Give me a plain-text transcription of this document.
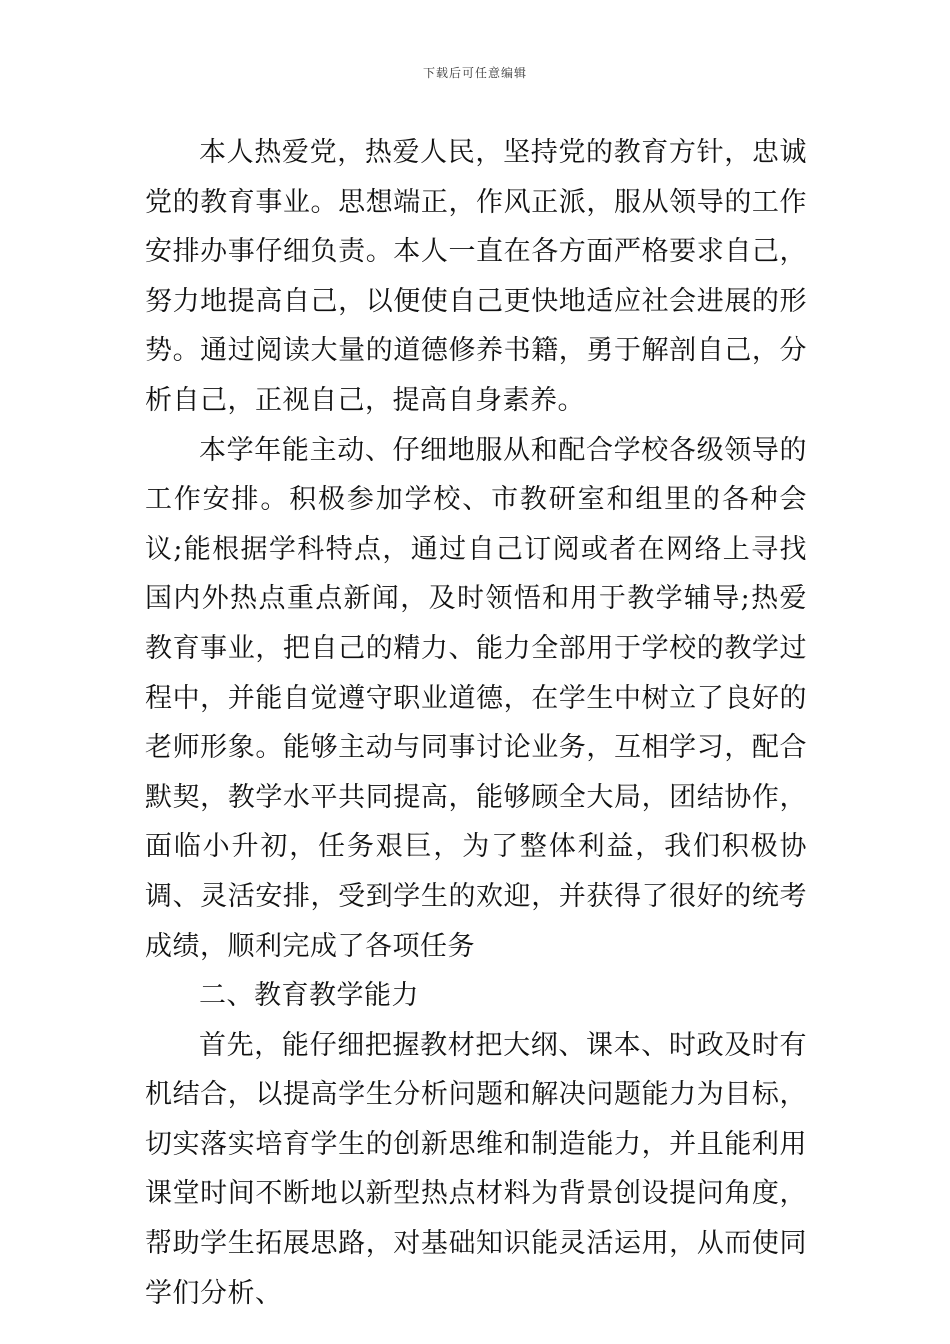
下载后可任意编辑

本人热爱党，热爱人民，坚持党的教育方针，忠诚党的教育事业。思想端正，作风正派，服从领导的工作安排办事仔细负责。本人一直在各方面严格要求自己，努力地提高自己，以便使自己更快地适应社会进展的形势。通过阅读大量的道德修养书籍，勇于解剖自己，分析自己，正视自己，提高自身素养。

本学年能主动、仔细地服从和配合学校各级领导的工作安排。积极参加学校、市教研室和组里的各种会议;能根据学科特点，通过自己订阅或者在网络上寻找国内外热点重点新闻，及时领悟和用于教学辅导;热爱教育事业，把自己的精力、能力全部用于学校的教学过程中，并能自觉遵守职业道德，在学生中树立了良好的老师形象。能够主动与同事讨论业务，互相学习，配合默契，教学水平共同提高，能够顾全大局，团结协作，面临小升初，任务艰巨，为了整体利益，我们积极协调、灵活安排，受到学生的欢迎，并获得了很好的统考成绩，顺利完成了各项任务

二、教育教学能力

首先，能仔细把握教材把大纲、课本、时政及时有机结合，以提高学生分析问题和解决问题能力为目标，切实落实培育学生的创新思维和制造能力，并且能利用课堂时间不断地以新型热点材料为背景创设提问角度，帮助学生拓展思路，对基础知识能灵活运用，从而使同学们分析、
